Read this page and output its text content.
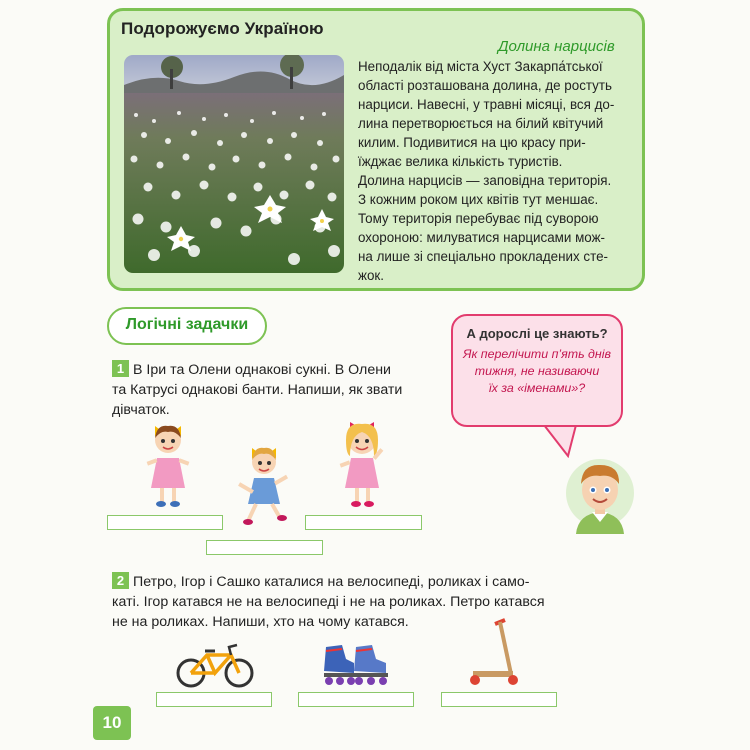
Подорожуємо Україною
Долина нарцисів
Неподалік від міста Хуст Закарпа́тської
області розташована долина, де ростуть
нарциси. Навесні, у травні місяці, вся до-
лина перетворюється на білий квітучий
килим. Подивитися на цю красу при-
їжджає велика кількість туристів.
Долина нарцисів — заповідна територія.
З кожним роком цих квітів тут меншає.
Тому територія перебуває під суворою
охороною: милуватися нарцисами мож-
на лише зі спеціально прокладених сте-
жок.
Логічні задачки
А дорослі це знають?
Як перелічити п’ять днів
тижня, не називаючи
їх за «іменами»?
1 В Іри та Олени однакові сукні. В Олени
та Катрусі однакові банти. Напиши, як звати
дівчаток.
2 Петро, Ігор і Сашко каталися на велосипеді, роликах і само-
каті. Ігор катався не на велосипеді і не на роликах. Петро катався
не на роликах. Напиши, хто на чому катався.
10
